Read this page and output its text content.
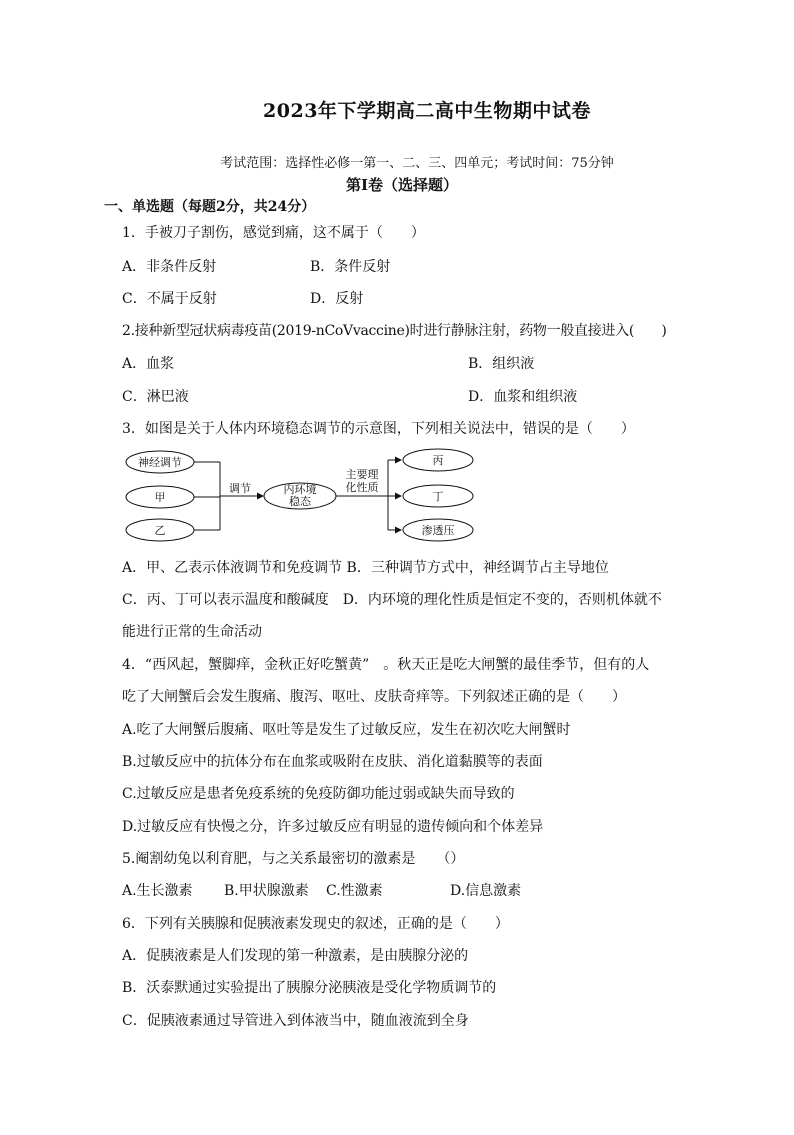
2023年下学期高二高中生物期中试卷
考试范围：选择性必修一第一、二、三、四单元；考试时间：75分钟
第I卷（选择题）
一、单选题（每题2分，共24分）
1．手被刀子割伤，感觉到痛，这不属于（　　）
A．非条件反射	B．条件反射
C．不属于反射	D．反射
2.接种新型冠状病毒疫苗(2019-nCoVvaccine)时进行静脉注射，药物一般直接进入(　　)
A．血浆	B．组织液
C．淋巴液	D．血浆和组织液
3．如图是关于人体内环境稳态调节的示意图，下列相关说法中，错误的是（　　）
神经调节
甲
乙
调节	内环境
稳态
主要理
化性质
丙
丁
渗透压
A．甲、乙表示体液调节和免疫调节 B．三种调节方式中，神经调节占主导地位
C．丙、丁可以表示温度和酸碱度　D．内环境的理化性质是恒定不变的，否则机体就不
能进行正常的生命活动
4．“西风起，蟹脚痒，金秋正好吃蟹黄”　。秋天正是吃大闸蟹的最佳季节，但有的人
吃了大闸蟹后会发生腹痛、腹泻、呕吐、皮肤奇痒等。下列叙述正确的是（　　）
A.吃了大闸蟹后腹痛、呕吐等是发生了过敏反应，发生在初次吃大闸蟹时
B.过敏反应中的抗体分布在血浆或吸附在皮肤、消化道黏膜等的表面
C.过敏反应是患者免疫系统的免疫防御功能过弱或缺失而导致的
D.过敏反应有快慢之分，许多过敏反应有明显的遗传倾向和个体差异
5.阉割幼兔以利育肥，与之关系最密切的激素是　　（）
A.生长激素 B.甲状腺激素 C.性激素	D.信息激素
6．下列有关胰腺和促胰液素发现史的叙述，正确的是（　　）
A．促胰液素是人们发现的第一种激素，是由胰腺分泌的
B．沃泰默通过实验提出了胰腺分泌胰液是受化学物质调节的
C．促胰液素通过导管进入到体液当中，随血液流到全身
